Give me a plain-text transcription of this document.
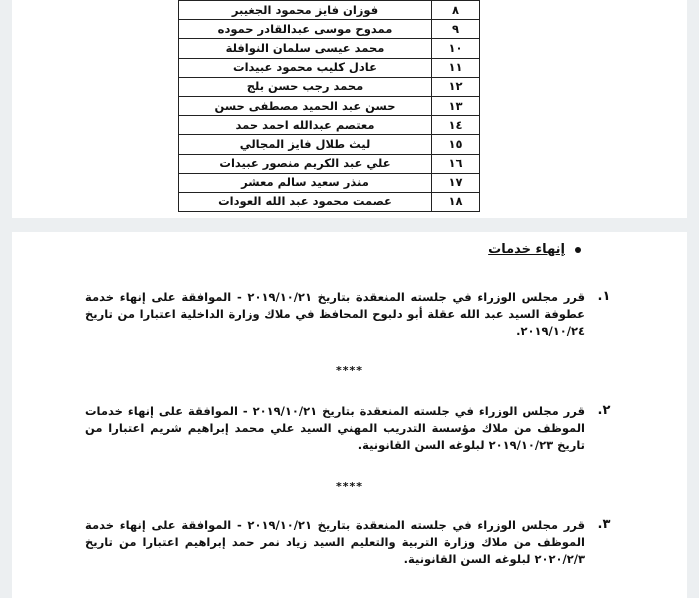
٨	فوزان فايز محمود الجغيبر
٩	ممدوح موسى عبدالقادر حموده
١٠	محمد عيسى سلمان النوافلة
١١	عادل كليب محمود عبيدات
١٢	محمد رجب حسن بلج
١٣	حسن عبد الحميد مصطفى حسن
١٤	معتصم عبدالله احمد حمد
١٥	ليث طلال فايز المجالي
١٦	علي عبد الكريم منصور عبيدات
١٧	منذر سعيد سالم معشر
١٨	عصمت محمود عبد الله العودات
إنهاء خدمات
١.
قرر مجلس الوزراء في جلسته المنعقدة بتاريخ ٢٠١٩/١٠/٢١ - الموافقة على إنهاء خدمة عطوفة السيد عبد الله عقلة أبو دلبوح المحافظ في ملاك وزارة الداخلية اعتبارا من تاريخ ٢٠١٩/١٠/٢٤.
****
٢.
قرر مجلس الوزراء في جلسته المنعقدة بتاريخ ٢٠١٩/١٠/٢١ - الموافقة على إنهاء خدمات الموظف من ملاك مؤسسة التدريب المهني السيد علي محمد إبراهيم شريم اعتبارا من تاريخ ٢٠١٩/١٠/٢٣ لبلوغه السن القانونية.
****
٣.
قرر مجلس الوزراء في جلسته المنعقدة بتاريخ ٢٠١٩/١٠/٢١ - الموافقة على إنهاء خدمة الموظف من ملاك وزارة التربية والتعليم السيد زياد نمر حمد إبراهيم اعتبارا من تاريخ ٢٠٢٠/٢/٣ لبلوغه السن القانونية.
